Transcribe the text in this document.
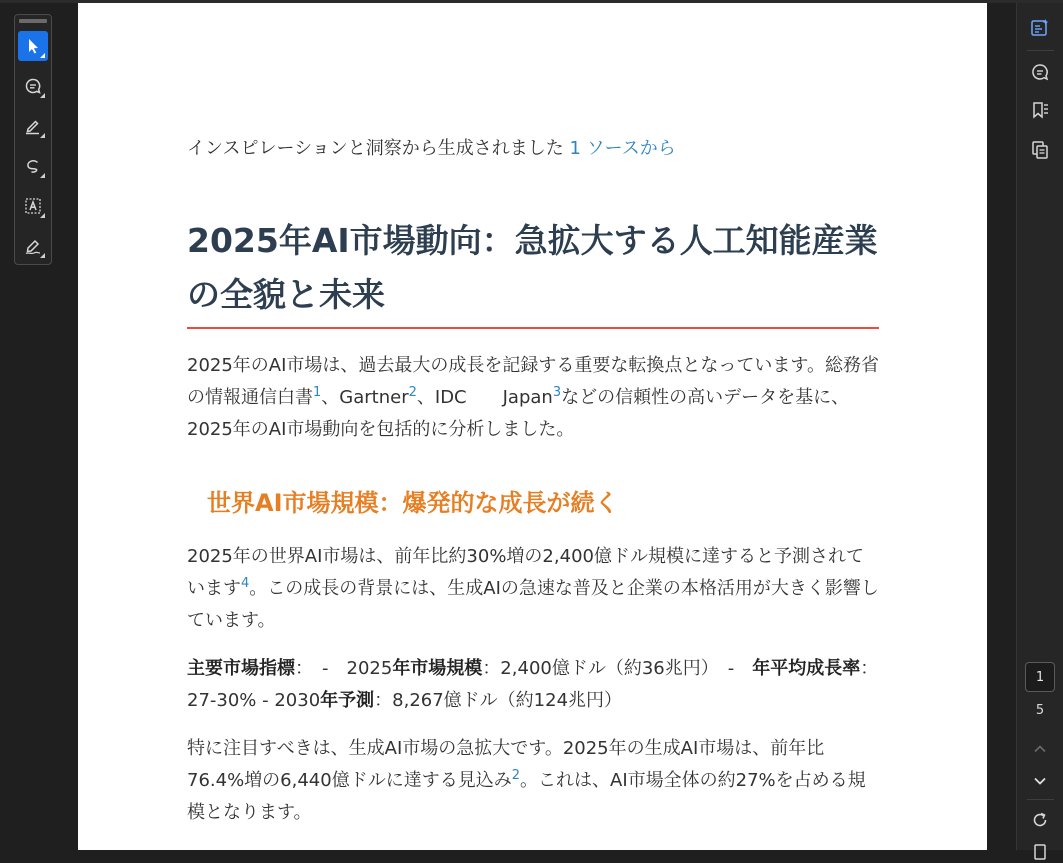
インスピレーションと洞察から生成されました 1 ソースから
2025年AI市場動向：急拡大する人工知能産業の全貌と未来

2025年のAI市場は、過去最大の成長を記録する重要な転換点となっています。総務省の情報通信白書$^1$、Gartner$^2$、IDC　　Japan$^3$などの信頼性の高いデータを基に、2025年のAI市場動向を包括的に分析しました。

世界AI市場規模：爆発的な成長が続く

2025年の世界AI市場は、前年比約30%増の2,400億ドル規模に達すると予測されています$^4$。この成長の背景には、生成AIの急速な普及と企業の本格活用が大きく影響しています。

主要市場指標：　-　2025年市場規模：2,400億ドル（約36兆円）　-　年平均成長率：27-30% - 2030年予測：8,267億ドル（約124兆円）

特に注目すべきは、生成AI市場の急拡大です。2025年の生成AI市場は、前年比76.4%増の6,440億ドルに達する見込み$^2$。これは、AI市場全体の約27%を占める規模となります。

1
5
